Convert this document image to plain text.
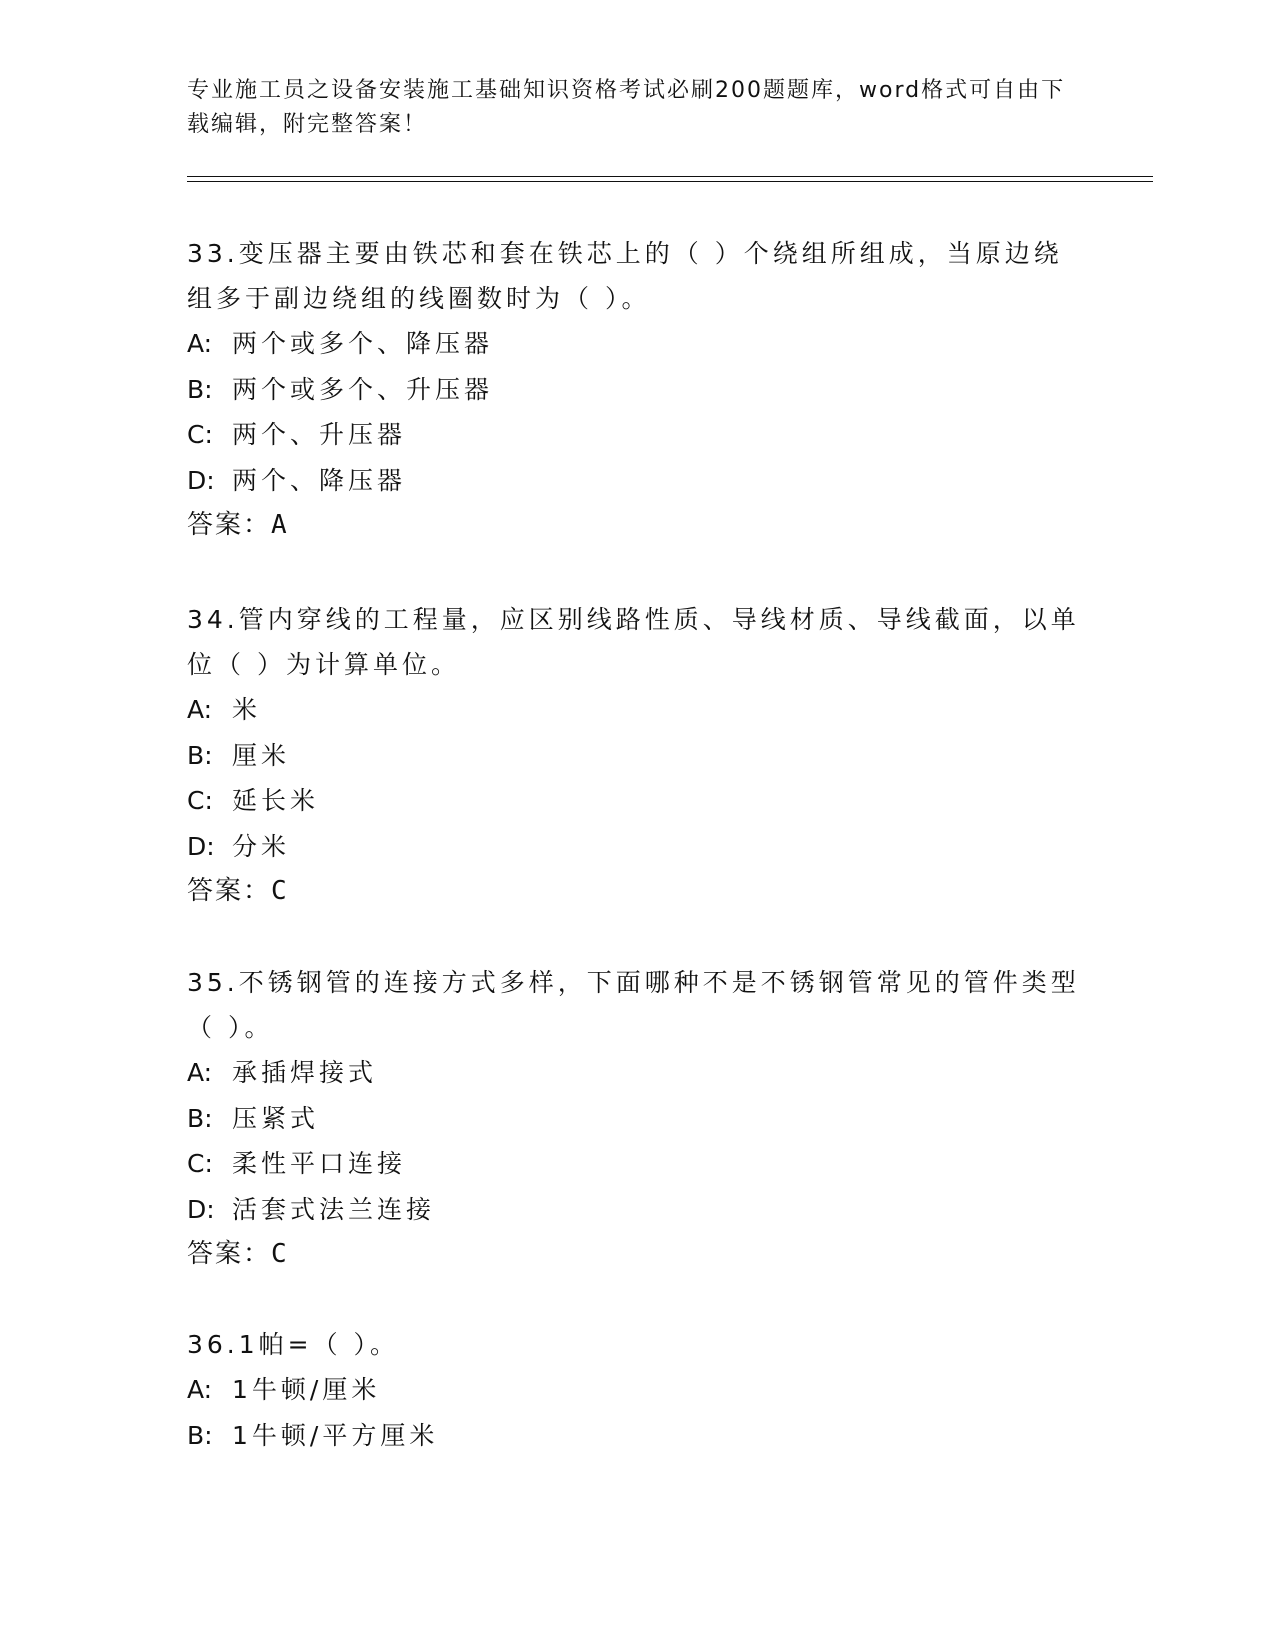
专业施工员之设备安装施工基础知识资格考试必刷200题题库，word格式可自由下载编辑，附完整答案！

33.变压器主要由铁芯和套在铁芯上的（ ）个绕组所组成，当原边绕组多于副边绕组的线圈数时为（ ）。

A: 两个或多个、降压器

B: 两个或多个、升压器

C: 两个、升压器

D: 两个、降压器

答案：A

34.管内穿线的工程量，应区别线路性质、导线材质、导线截面，以单位（ ）为计算单位。

A: 米

B: 厘米

C: 延长米

D: 分米

答案：C

35.不锈钢管的连接方式多样，下面哪种不是不锈钢管常见的管件类型（ ）。

A: 承插焊接式

B: 压紧式

C: 柔性平口连接

D: 活套式法兰连接

答案：C

36.1帕=（ ）。

A: 1牛顿/厘米

B: 1牛顿/平方厘米
